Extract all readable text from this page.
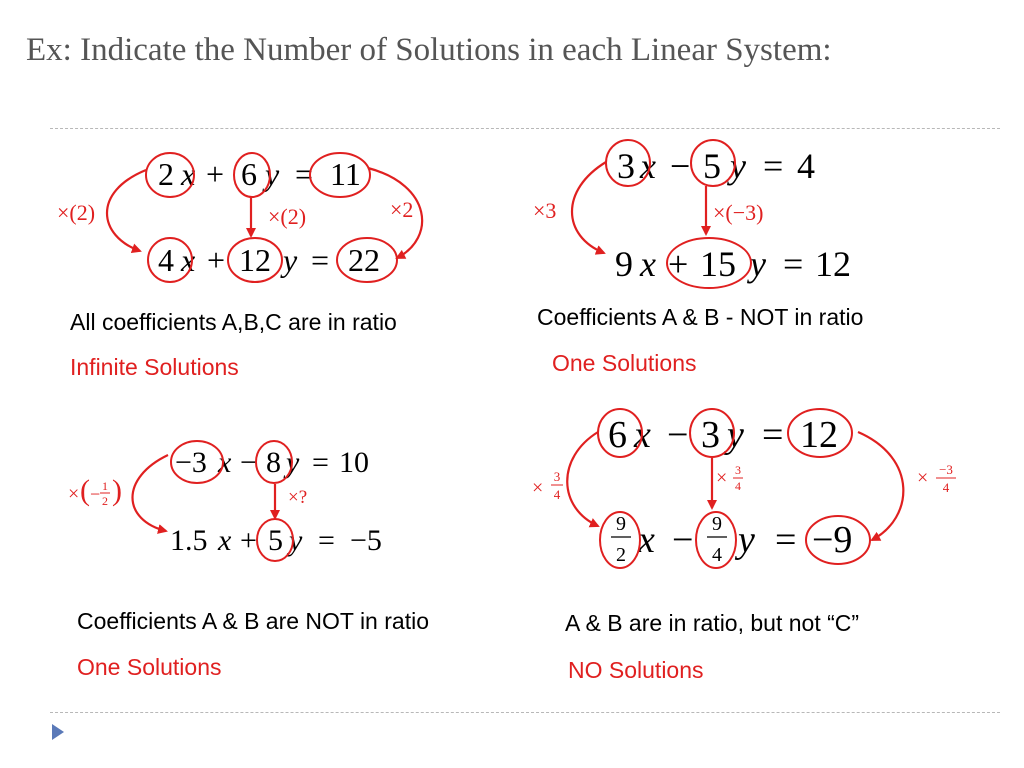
Ex: Indicate the Number of Solutions in each Linear System:
2 x + 6 y = 11
4 x + 12 y = 22
×(2)	×(2)	×2
3 x − 5 y = 4
9 x + 15 y = 12
×3	×(−3)
−3 x − 8 y = 10
1.5 x + 5 y = −5
× ( − 1
2 )	×?
6 x − 3 y = 12
9
2 x − 9
4 y = −9
×
3
4
× 3
4	× −3
4

All coefficients A,B,C are in ratio

Infinite Solutions

Coefficients A & B - NOT in ratio

One Solutions

Coefficients A & B are NOT in ratio

One Solutions

A & B are in ratio, but not “C”

NO Solutions
